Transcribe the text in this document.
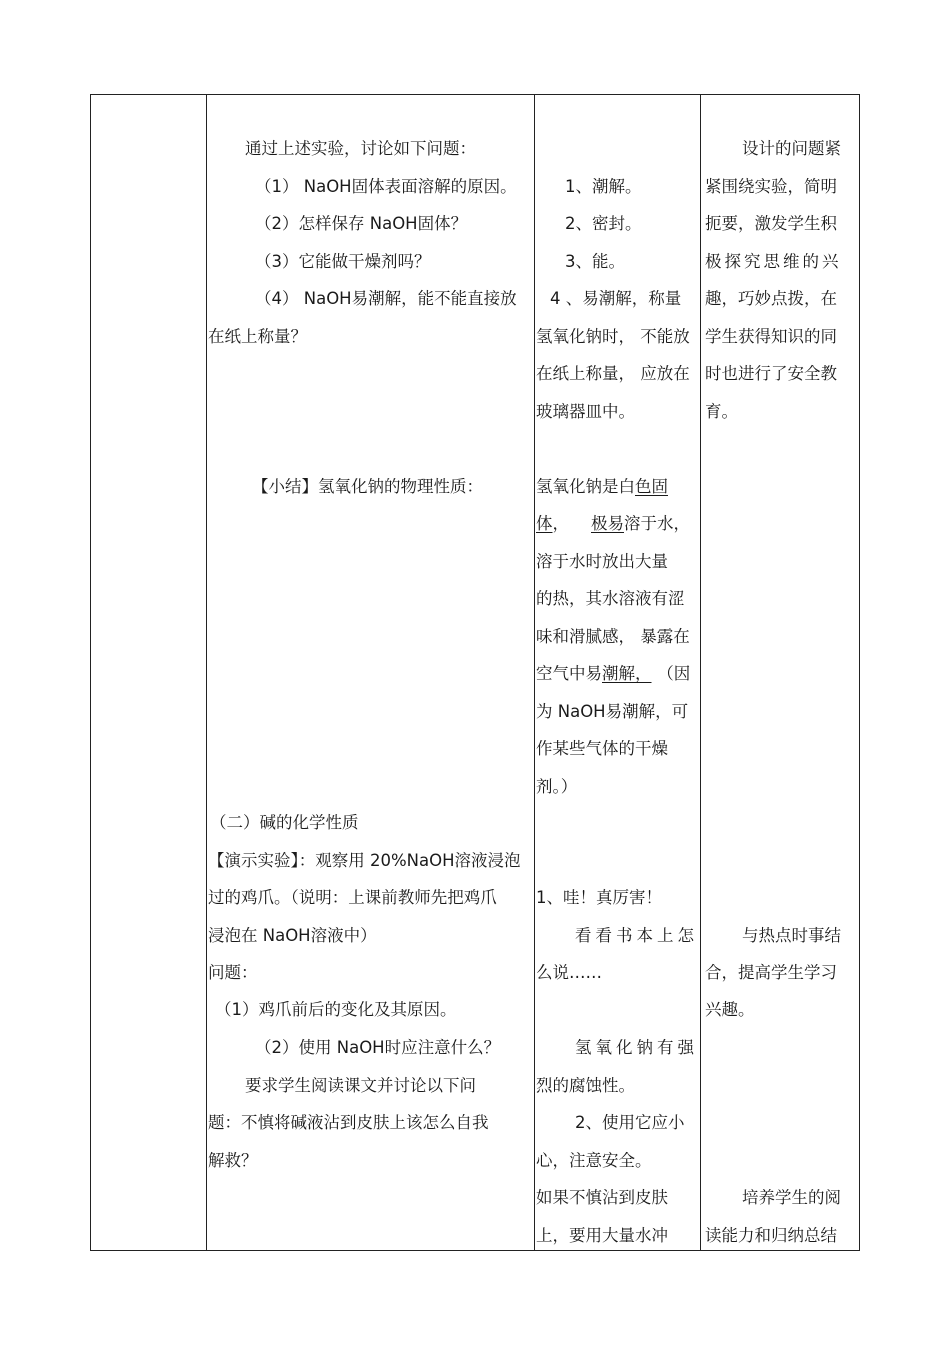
通过上述实验，讨论如下问题：
（1） NaOH固体表面溶解的原因。
（2）怎样保存 NaOH固体？
（3）它能做干燥剂吗？
（4） NaOH易潮解，能不能直接放
在纸上称量？
【小结】氢氧化钠的物理性质：
（二）碱的化学性质
【演示实验】：观察用 20%NaOH溶液浸泡
过的鸡爪。（说明：上课前教师先把鸡爪
浸泡在 NaOH溶液中）
问题：
（1）鸡爪前后的变化及其原因。
（2）使用 NaOH时应注意什么？
要求学生阅读课文并讨论以下问
题：不慎将碱液沾到皮肤上该怎么自我
解救？
1、潮解。
2、密封。
3、能。
4 、易潮解，称量
氢氧化钠时， 不能放
在纸上称量， 应放在
玻璃器皿中。
氢氧化钠是白色固
体， 极易溶于水，
溶于水时放出大量
的热，其水溶液有涩
味和滑腻感， 暴露在
空气中易潮解， （因
为 NaOH易潮解，可
作某些气体的干燥
剂。）
1、哇！真厉害！
看看书本上怎
么说……
氢氧化钠有强
烈的腐蚀性。
2、使用它应小
心，注意安全。
如果不慎沾到皮肤
上，要用大量水冲
设计的问题紧
紧围绕实验，简明
扼要，激发学生积
极探究思维的兴
趣，巧妙点拨，在
学生获得知识的同
时也进行了安全教
育。
与热点时事结
合，提高学生学习
兴趣。
培养学生的阅
读能力和归纳总结
